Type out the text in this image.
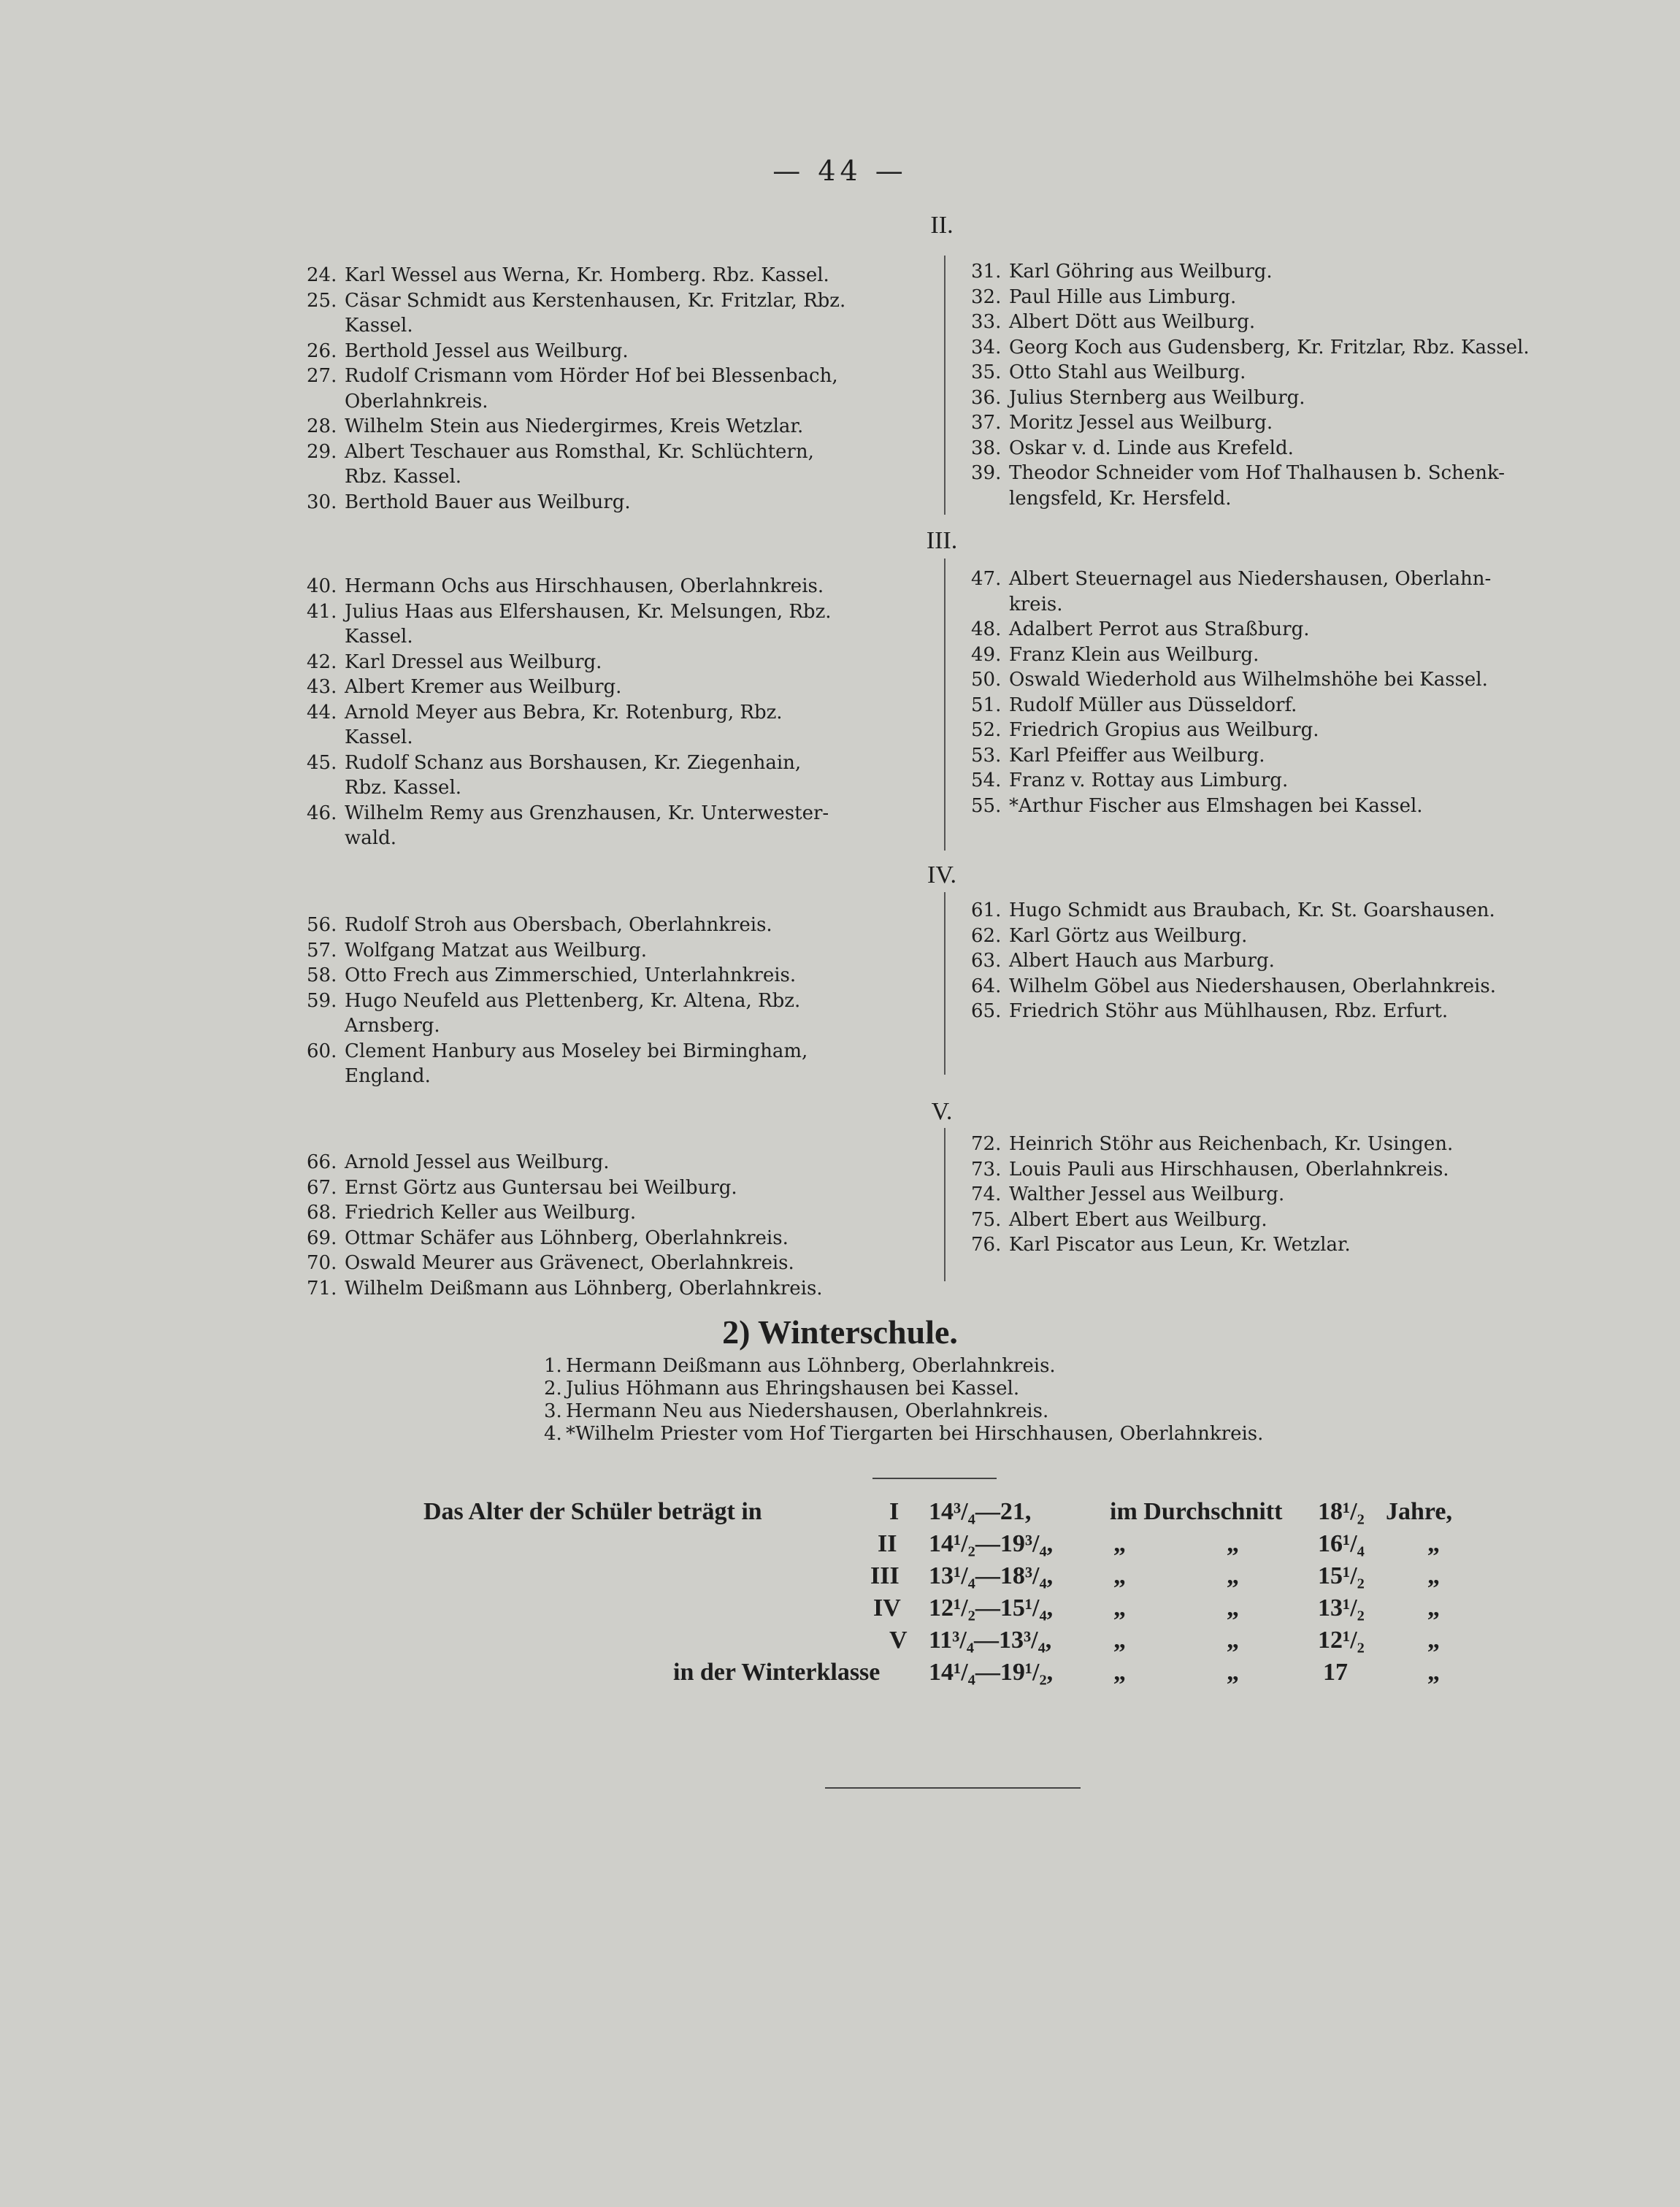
— 44 —
II.
III.
IV.
V.
24. Karl Wessel aus Werna, Kr. Homberg. Rbz. Kassel.
25. Cäsar Schmidt aus Kerstenhausen, Kr. Fritzlar, Rbz.
Kassel.
26. Berthold Jessel aus Weilburg.
27. Rudolf Crismann vom Hörder Hof bei Blessenbach,
Oberlahnkreis.
28. Wilhelm Stein aus Niedergirmes, Kreis Wetzlar.
29. Albert Teschauer aus Romsthal, Kr. Schlüchtern,
Rbz. Kassel.
30. Berthold Bauer aus Weilburg.
31. Karl Göhring aus Weilburg.
32. Paul Hille aus Limburg.
33. Albert Dött aus Weilburg.
34. Georg Koch aus Gudensberg, Kr. Fritzlar, Rbz. Kassel.
35. Otto Stahl aus Weilburg.
36. Julius Sternberg aus Weilburg.
37. Moritz Jessel aus Weilburg.
38. Oskar v. d. Linde aus Krefeld.
39. Theodor Schneider vom Hof Thalhausen b. Schenk-
lengsfeld, Kr. Hersfeld.
40. Hermann Ochs aus Hirschhausen, Oberlahnkreis.
41. Julius Haas aus Elfershausen, Kr. Melsungen, Rbz.
Kassel.
42. Karl Dressel aus Weilburg.
43. Albert Kremer aus Weilburg.
44. Arnold Meyer aus Bebra, Kr. Rotenburg, Rbz.
Kassel.
45. Rudolf Schanz aus Borshausen, Kr. Ziegenhain,
Rbz. Kassel.
46. Wilhelm Remy aus Grenzhausen, Kr. Unterwester-
wald.
47. Albert Steuernagel aus Niedershausen, Oberlahn-
kreis.
48. Adalbert Perrot aus Straßburg.
49. Franz Klein aus Weilburg.
50. Oswald Wiederhold aus Wilhelmshöhe bei Kassel.
51. Rudolf Müller aus Düsseldorf.
52. Friedrich Gropius aus Weilburg.
53. Karl Pfeiffer aus Weilburg.
54. Franz v. Rottay aus Limburg.
55. *Arthur Fischer aus Elmshagen bei Kassel.
56. Rudolf Stroh aus Obersbach, Oberlahnkreis.
57. Wolfgang Matzat aus Weilburg.
58. Otto Frech aus Zimmerschied, Unterlahnkreis.
59. Hugo Neufeld aus Plettenberg, Kr. Altena, Rbz.
Arnsberg.
60. Clement Hanbury aus Moseley bei Birmingham,
England.
61. Hugo Schmidt aus Braubach, Kr. St. Goarshausen.
62. Karl Görtz aus Weilburg.
63. Albert Hauch aus Marburg.
64. Wilhelm Göbel aus Niedershausen, Oberlahnkreis.
65. Friedrich Stöhr aus Mühlhausen, Rbz. Erfurt.
66. Arnold Jessel aus Weilburg.
67. Ernst Görtz aus Guntersau bei Weilburg.
68. Friedrich Keller aus Weilburg.
69. Ottmar Schäfer aus Löhnberg, Oberlahnkreis.
70. Oswald Meurer aus Grävenect, Oberlahnkreis.
71. Wilhelm Deißmann aus Löhnberg, Oberlahnkreis.
72. Heinrich Stöhr aus Reichenbach, Kr. Usingen.
73. Louis Pauli aus Hirschhausen, Oberlahnkreis.
74. Walther Jessel aus Weilburg.
75. Albert Ebert aus Weilburg.
76. Karl Piscator aus Leun, Kr. Wetzlar.
2) Winterschule.
1. Hermann Deißmann aus Löhnberg, Oberlahnkreis.
2. Julius Höhmann aus Ehringshausen bei Kassel.
3. Hermann Neu aus Niedershausen, Oberlahnkreis.
4. *Wilhelm Priester vom Hof Tiergarten bei Hirschhausen, Oberlahnkreis.
Das Alter der Schüler beträgt in	I 14³/₄—21,	im Durchschnitt 18¹/₂ Jahre,
II 14¹/₂—19³/₄, „	„	16¹/₄	„
III 13¹/₄—18³/₄, „	„	15¹/₂	„
IV 12¹/₂—15¹/₄, „	„	13¹/₂	„
V 11³/₄—13³/₄, „	„	12¹/₂	„
in der Winterklasse 14¹/₄—19¹/₂, „	„	17	„
